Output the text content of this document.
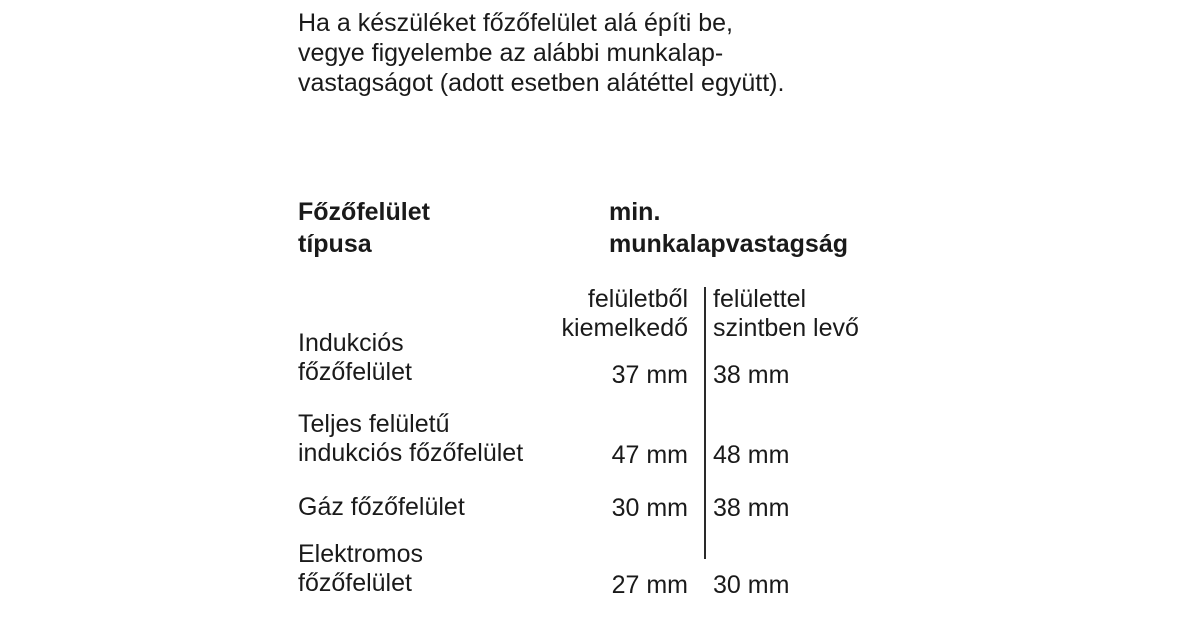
Ha a készüléket főzőfelület alá építi be,
vegye figyelembe az alábbi munkalap-
vastagságot (adott esetben alátéttel együtt).
Főzőfelület
típusa
min.
munkalapvastagság
felületből
kiemelkedő
felülettel
szintben levő
Indukciós
főzőfelület	37 mm 38 mm
Teljes felületű
indukciós főzőfelület	47 mm 48 mm
Gáz főzőfelület	30 mm 38 mm
Elektromos
főzőfelület	27 mm 30 mm
